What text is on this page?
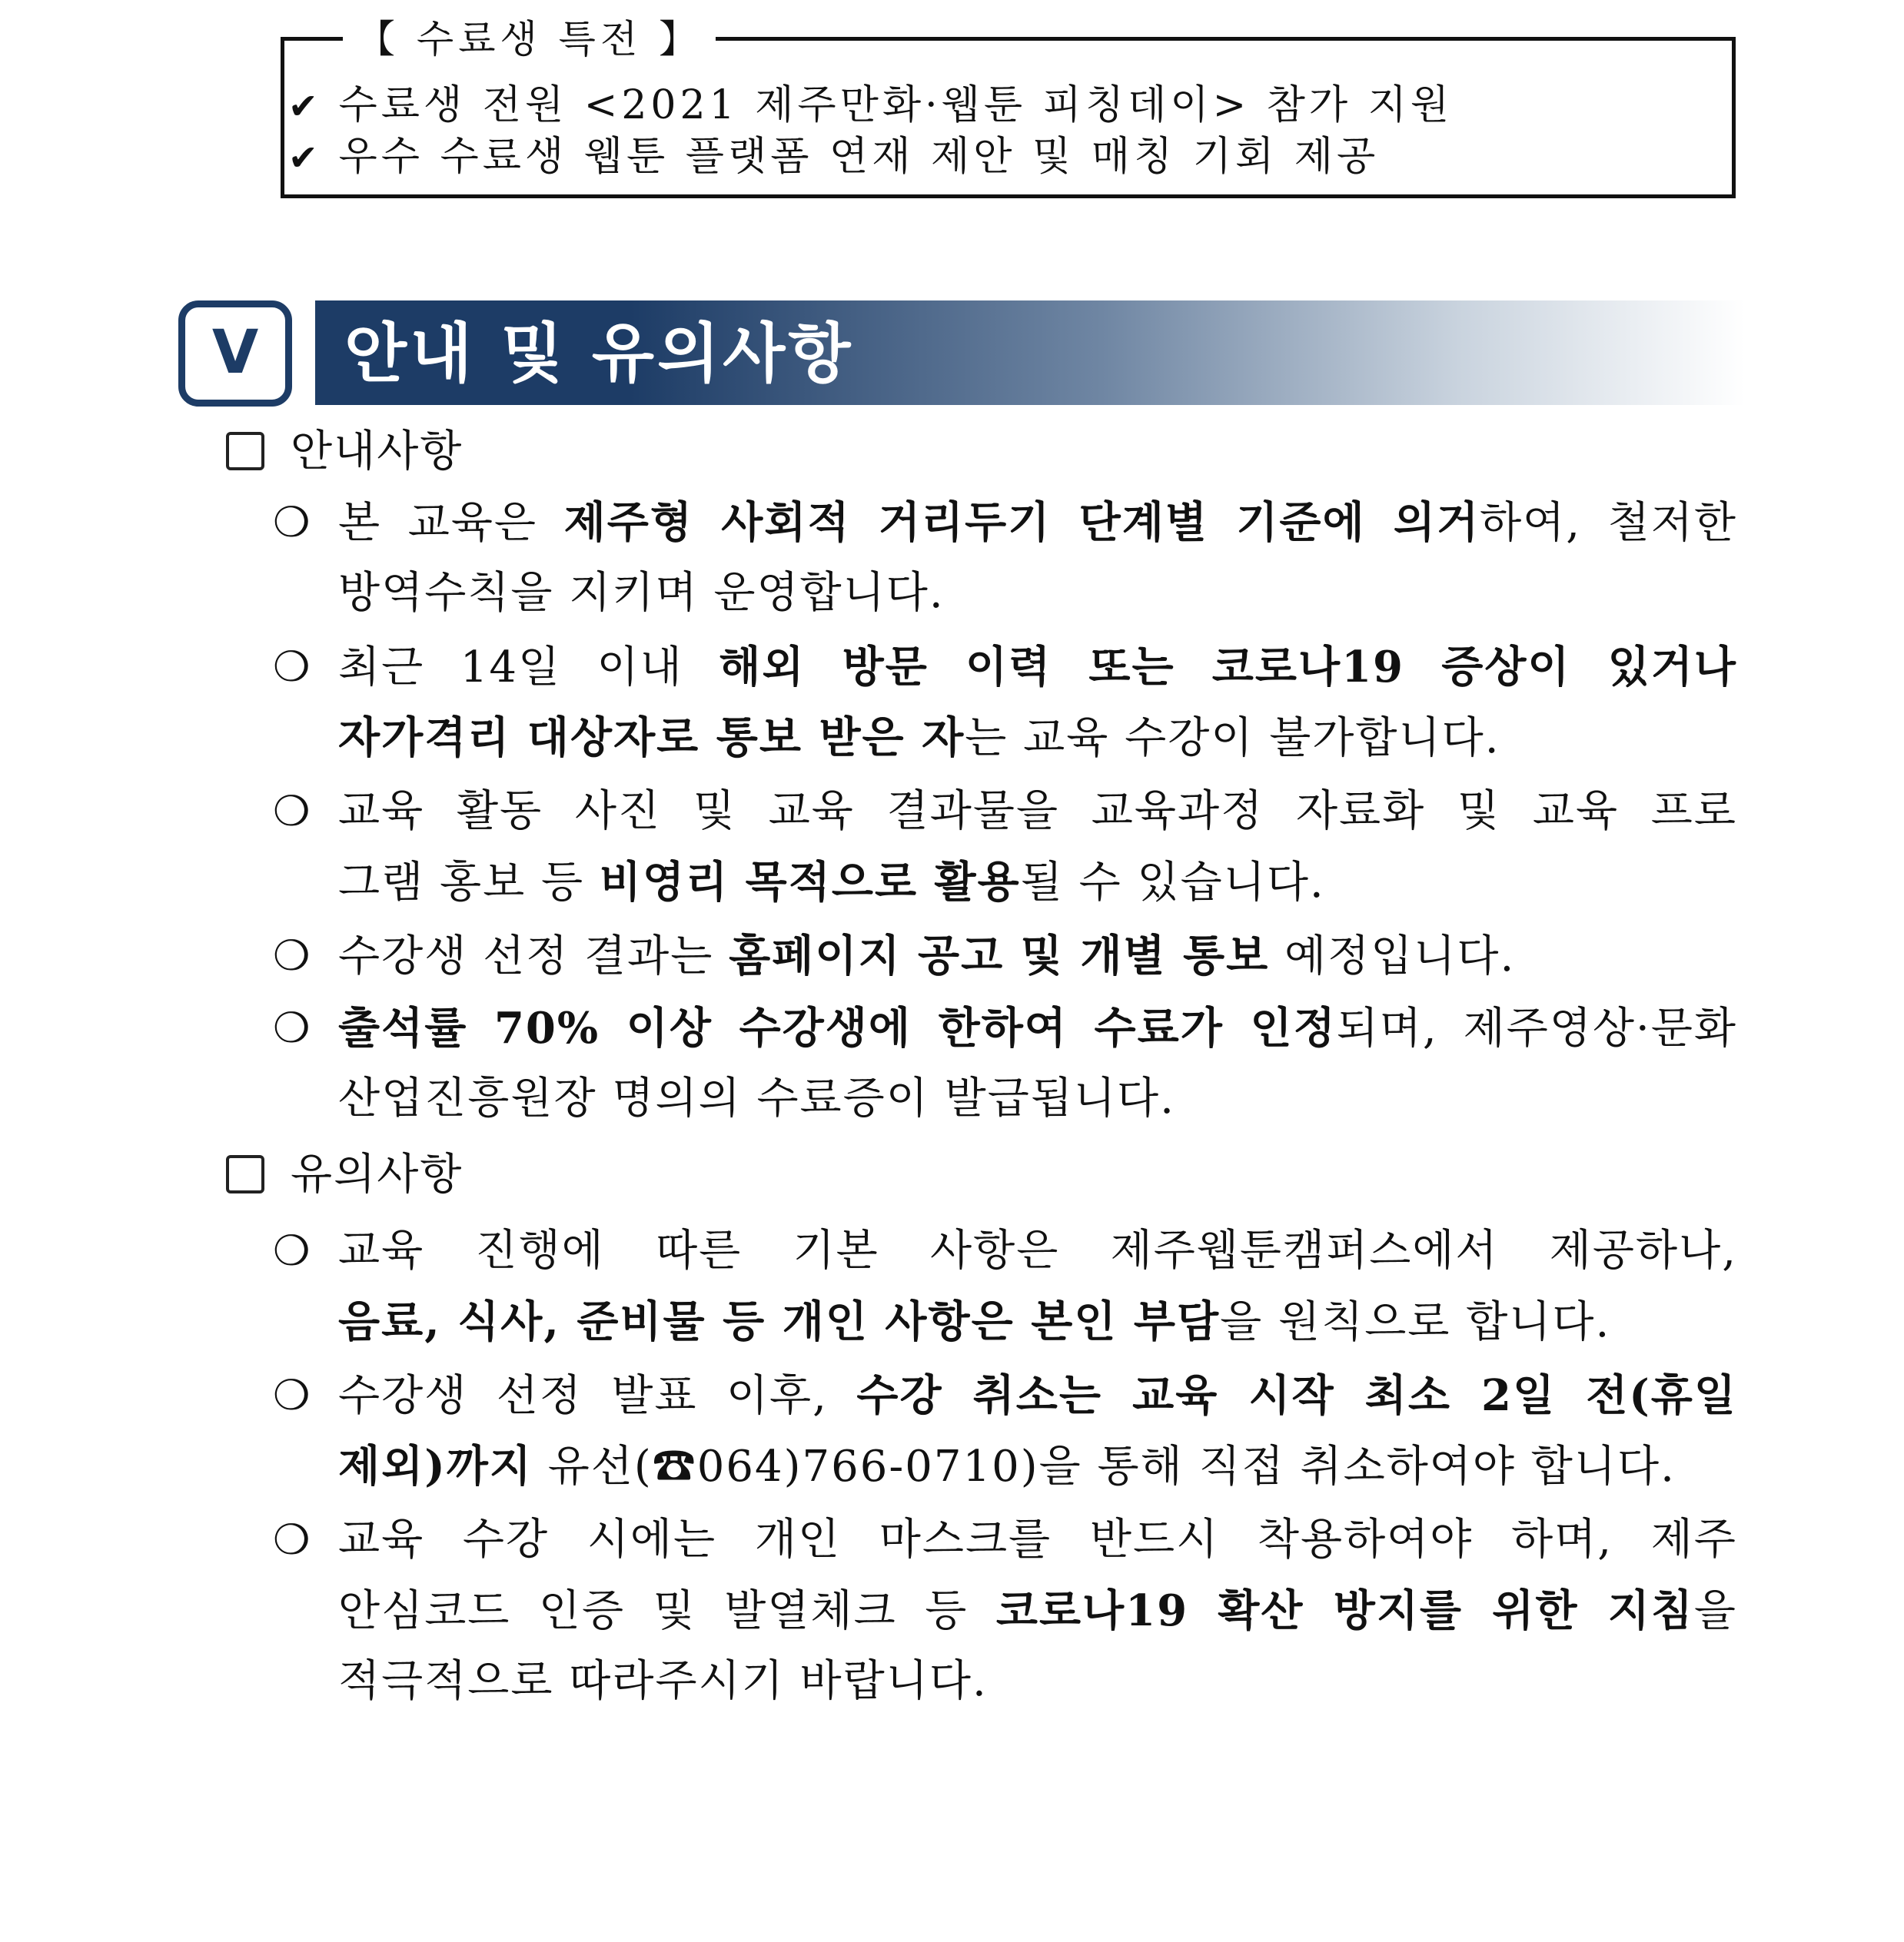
【 수료생 특전 】
✔ 수료생 전원 <2021 제주만화·웹툰 피칭데이> 참가 지원
✔ 우수 수료생 웹툰 플랫폼 연재 제안 및 매칭 기회 제공
V	안내 및 유의사항
안내사항
❍ 본 교육은 제주형 사회적 거리두기 단계별 기준에 의거하여, 철저한
방역수칙을 지키며 운영합니다.
❍ 최근 14일 이내 해외 방문 이력 또는 코로나19 증상이 있거나
자가격리 대상자로 통보 받은 자는 교육 수강이 불가합니다.
❍ 교육 활동 사진 및 교육 결과물을 교육과정 자료화 및 교육 프로
그램 홍보 등 비영리 목적으로 활용될 수 있습니다.
❍ 수강생 선정 결과는 홈페이지 공고 및 개별 통보 예정입니다.
❍ 출석률 70% 이상 수강생에 한하여 수료가 인정되며, 제주영상·문화
산업진흥원장 명의의 수료증이 발급됩니다.
유의사항
❍ 교육 진행에 따른 기본 사항은 제주웹툰캠퍼스에서 제공하나,
음료, 식사, 준비물 등 개인 사항은 본인 부담을 원칙으로 합니다.
❍ 수강생 선정 발표 이후, 수강 취소는 교육 시작 최소 2일 전(휴일
제외)까지 유선(☎064)766-0710)을 통해 직접 취소하여야 합니다.
❍ 교육 수강 시에는 개인 마스크를 반드시 착용하여야 하며, 제주
안심코드 인증 및 발열체크 등 코로나19 확산 방지를 위한 지침을
적극적으로 따라주시기 바랍니다.
